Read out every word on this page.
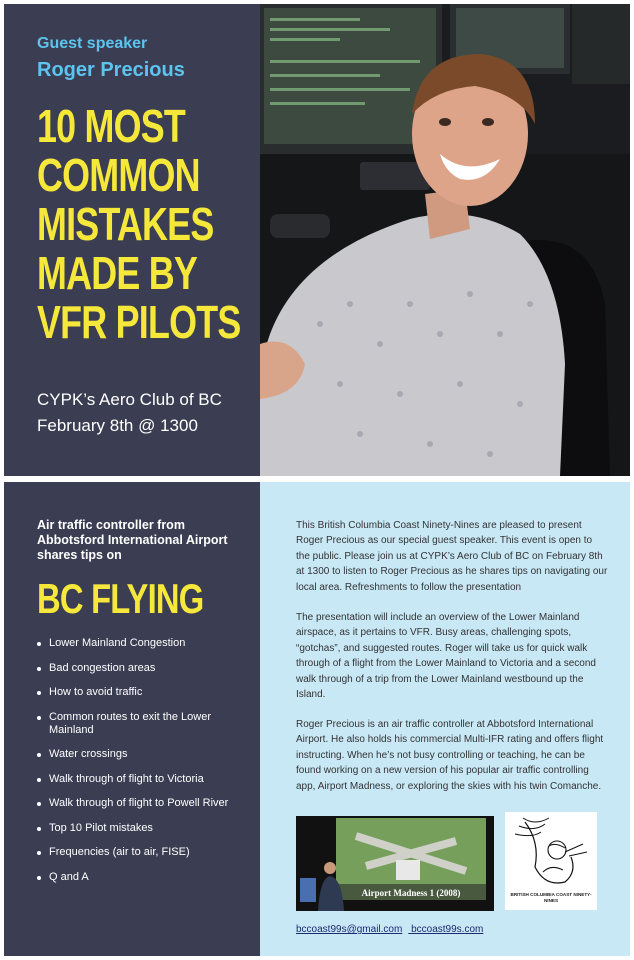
Guest speaker
Roger Precious
10 MOST
COMMON
MISTAKES
MADE BY
VFR PILOTS
CYPK’s Aero Club of BC
February 8th @ 1300
Air traffic controller from Abbotsford International Airport shares tips on
BC FLYING
Lower Mainland Congestion
Bad congestion areas
How to avoid traffic
Common routes to exit the Lower Mainland
Water crossings
Walk through of flight to Victoria
Walk through of flight to Powell River
Top 10 Pilot mistakes
Frequencies (air to air, FISE)
Q and A

This British Columbia Coast Ninety-Nines are pleased to present Roger Precious as our special guest speaker. This event is open to the public. Please join us at CYPK’s Aero Club of BC on February 8th at 1300 to listen to Roger Precious as he shares tips on navigating our local area. Refreshments to follow the presentation

The presentation will include an overview of the Lower Mainland airspace, as it pertains to VFR. Busy areas, challenging spots, “gotchas”, and suggested routes. Roger will take us for quick walk through of a flight from the Lower Mainland to Victoria and a second walk through of a trip from the Lower Mainland westbound up the Island.

Roger Precious is an air traffic controller at Abbotsford International Airport. He also holds his commercial Multi-IFR rating and offers flight instructing. When he’s not busy controlling or teaching, he can be found working on a new version of his popular air traffic controlling app, Airport Madness, or exploring the skies with his twin Comanche.

Airport Madness 1 (2008)	BRITISH COLUMBIA COAST NINETY-NINES
bccoast99s@gmail.com bccoast99s.com
